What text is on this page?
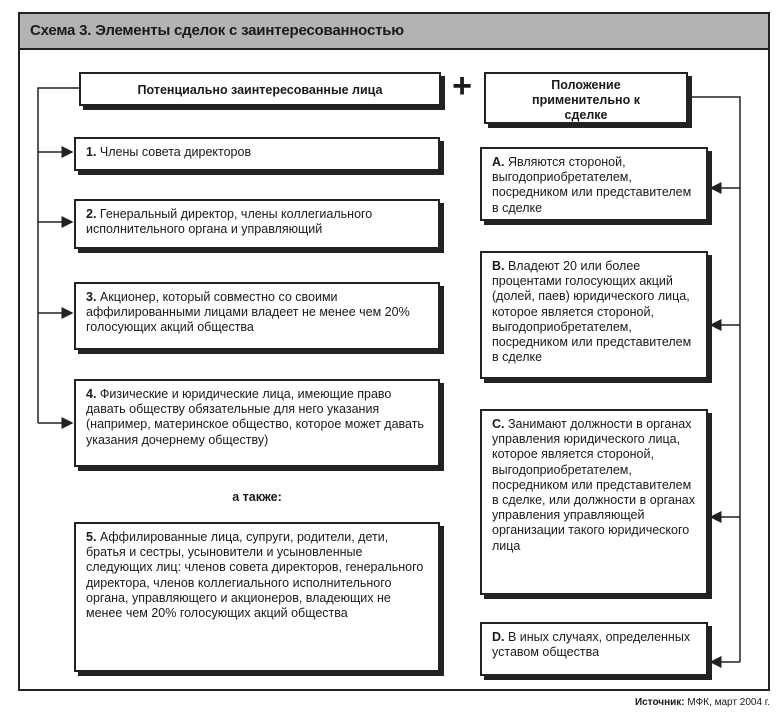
Схема 3. Элементы сделок с заинтересованностью
Потенциально заинтересованные лица	+	Положение применительно к сделке
1. Члены совета директоров
2. Генеральный директор, члены коллегиального исполнительного органа и управляющий
3. Акционер, который совместно со своими аффилированными лицами владеет не менее чем 20% голосующих акций общества
4. Физические и юридические лица, имеющие право давать обществу обязательные для него указания (например, материнское общество, которое может давать указания дочернему обществу)
а также:
5. Аффилированные лица, супруги, родители, дети, братья и сестры, усыновители и усыновленные следующих лиц: членов совета директоров, генерального директора, членов коллегиального исполнительного органа, управляющего и акционеров, владеющих не менее чем 20% голосующих акций общества
A. Являются стороной, выгодоприобретателем, посредником или представителем в сделке
B. Владеют 20 или более процентами голосующих акций (долей, паев) юридического лица, которое является стороной, выгодоприобретателем, посредником или представителем в сделке
C. Занимают должности в органах управления юридического лица, которое является стороной, выгодоприобретателем, посредником или представителем в сделке, или должности в органах управления управляющей организации такого юридического лица
D. В иных случаях, определенных уставом общества
Источник: МФК, март 2004 г.
